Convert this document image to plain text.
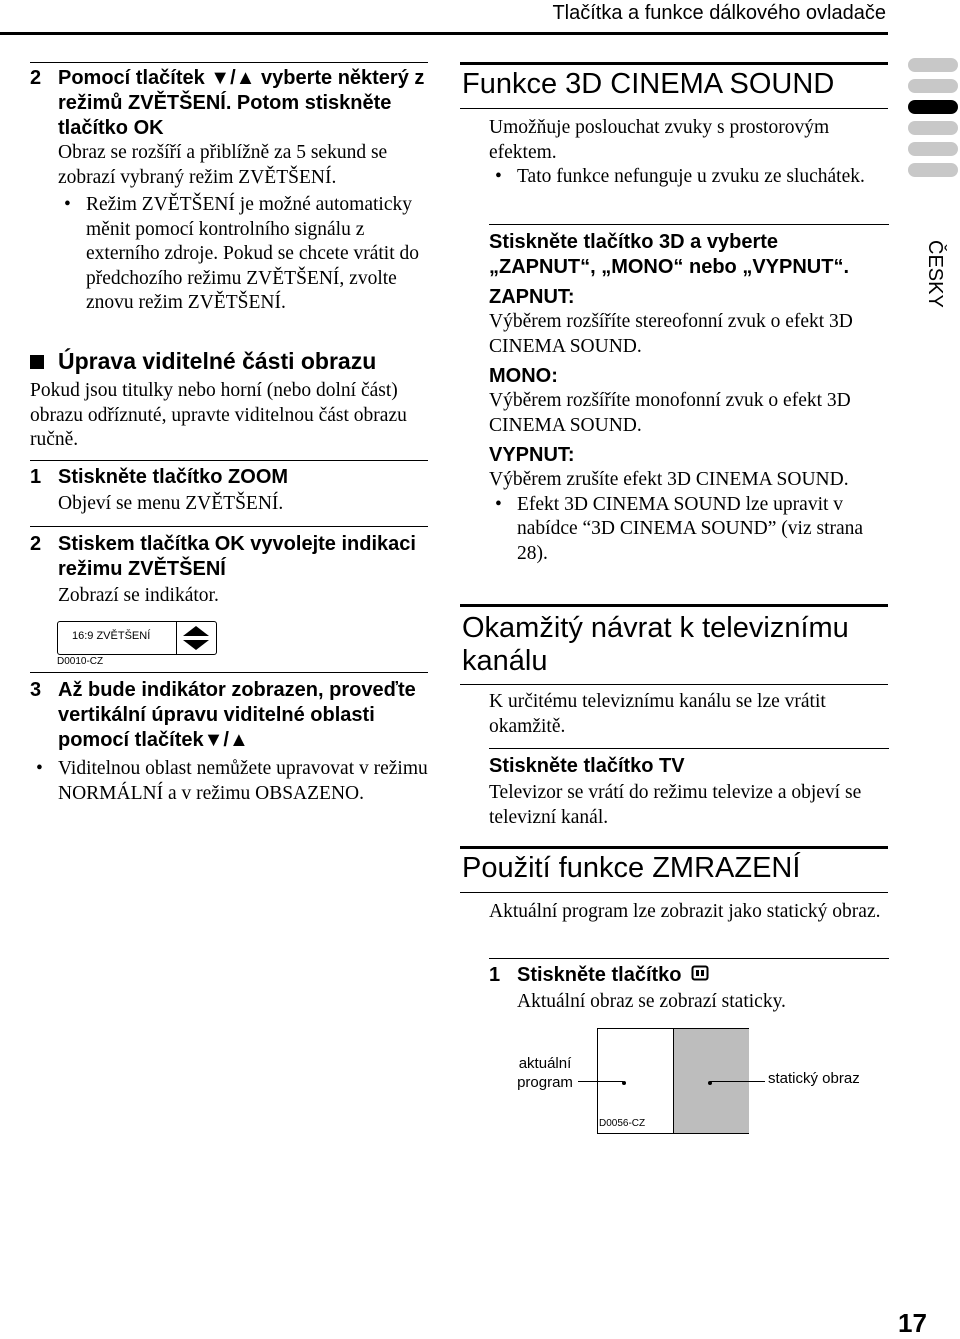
Tlačítka a funkce dálkového ovladače
ČESKY
2 Pomocí tlačítek ▼/▲ vyberte některý z režimů ZVĚTŠENÍ. Potom stiskněte tlačítko OK
Obraz se rozšíří a přiblížně za 5 sekund se zobrazí vybraný režim ZVĚTŠENÍ.
• Režim ZVĚTŠENÍ je možné automaticky měnit pomocí kontrolního signálu z externího zdroje. Pokud se chcete vrátit do předchozího režimu ZVĚTŠENÍ, zvolte znovu režim ZVĚTŠENÍ.
Úprava viditelné části obrazu
Pokud jsou titulky nebo horní (nebo dolní část) obrazu odříznuté, upravte viditelnou část obrazu ručně.
1 Stiskněte tlačítko ZOOM
Objeví se menu ZVĚTŠENÍ.
2 Stiskem tlačítka OK vyvolejte indikaci režimu ZVĚTŠENÍ
Zobrazí se indikátor.
16:9 ZVĚTŠENÍ
D0010-CZ
3 Až bude indikátor zobrazen, proveďte vertikální úpravu viditelné oblasti pomocí tlačítek▼/▲
• Viditelnou oblast nemůžete upravovat v režimu NORMÁLNÍ a v režimu OBSAZENO.
Funkce 3D CINEMA SOUND
Umožňuje poslouchat zvuky s prostorovým efektem.
• Tato funkce nefunguje u zvuku ze sluchátek.
Stiskněte tlačítko 3D a vyberte „ZAPNUT“, „MONO“ nebo „VYPNUT“.
ZAPNUT:
Výběrem rozšíříte stereofonní zvuk o efekt 3D CINEMA SOUND.
MONO:
Výběrem rozšíříte monofonní zvuk o efekt 3D CINEMA SOUND.
VYPNUT:
Výběrem zrušíte efekt 3D CINEMA SOUND.
• Efekt 3D CINEMA SOUND lze upravit v nabídce “3D CINEMA SOUND” (viz strana 28).
Okamžitý návrat k televiznímu kanálu
K určitému televiznímu kanálu se lze vrátit okamžitě.
Stiskněte tlačítko TV
Televizor se vrátí do režimu televize a objeví se televizní kanál.
Použití funkce ZMRAZENÍ
Aktuální program lze zobrazit jako statický obraz.
1 Stiskněte tlačítko
Aktuální obraz se zobrazí staticky.
aktuální program	statický obraz
D0056-CZ
17
